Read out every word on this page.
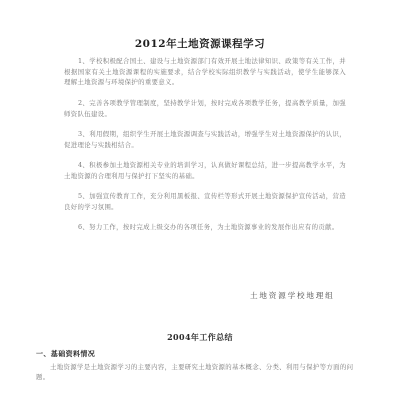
2012年土地资源课程学习
1、学校积极配合国土、建设与土地资源部门有效开展土地法律知识、政策等有关工作，并根据国家有关土地资源课程的实施要求，结合学校实际组织教学与实践活动，使学生能够深入理解土地资源与环境保护的重要意义。
2、完善各项教学管理制度，坚持教学计划，按时完成各项教学任务，提高教学质量，加强师资队伍建设。
3、利用假期，组织学生开展土地资源调查与实践活动，增强学生对土地资源保护的认识，促进理论与实践相结合。
4、积极参加土地资源相关专业的培训学习，认真做好课程总结，进一步提高教学水平，为土地资源的合理利用与保护打下坚实的基础。
5、加强宣传教育工作，充分利用黑板报、宣传栏等形式开展土地资源保护宣传活动，营造良好的学习氛围。
6、努力工作，按时完成上级交办的各项任务，为土地资源事业的发展作出应有的贡献。
土地资源学校地理组
2004年工作总结
一、基础资料情况
土地资源学是土地资源学习的主要内容，主要研究土地资源的基本概念、分类、利用与保护等方面的问题。
